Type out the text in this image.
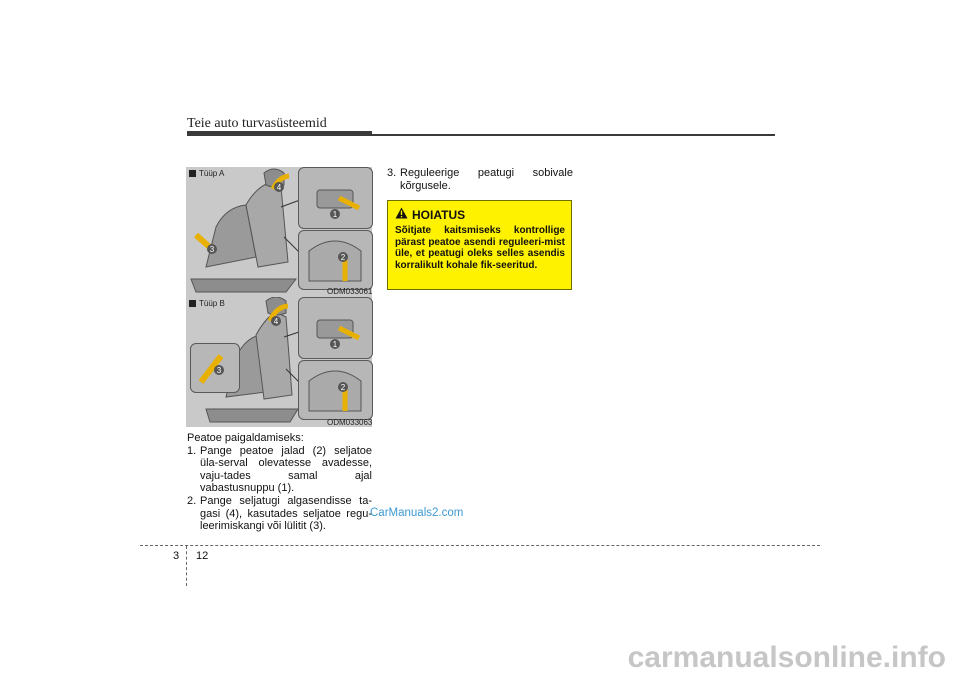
Teie auto turvasüsteemid
4
3
Tüüp A
1
2
ODM033061
3
4
Tüüp B
1
2
ODM033063

Peatoe paigaldamiseks:

1. Pange peatoe jalad (2) seljatoe üla-serval olevatesse avadesse, vaju-tades samal ajal vabastusnuppu (1).
2. Pange seljatugi algasendisse ta-gasi (4), kasutades seljatoe regu-leerimiskangi või lülitit (3).
3. Reguleerige peatugi sobivale kõrgusele.
HOIATUS
Sõitjate kaitsmiseks kontrollige pärast peatoe asendi reguleeri-mist üle, et peatugi oleks selles asendis korralikult kohale fik-seeritud.
CarManuals2.com
3 12
carmanualsonline.info
